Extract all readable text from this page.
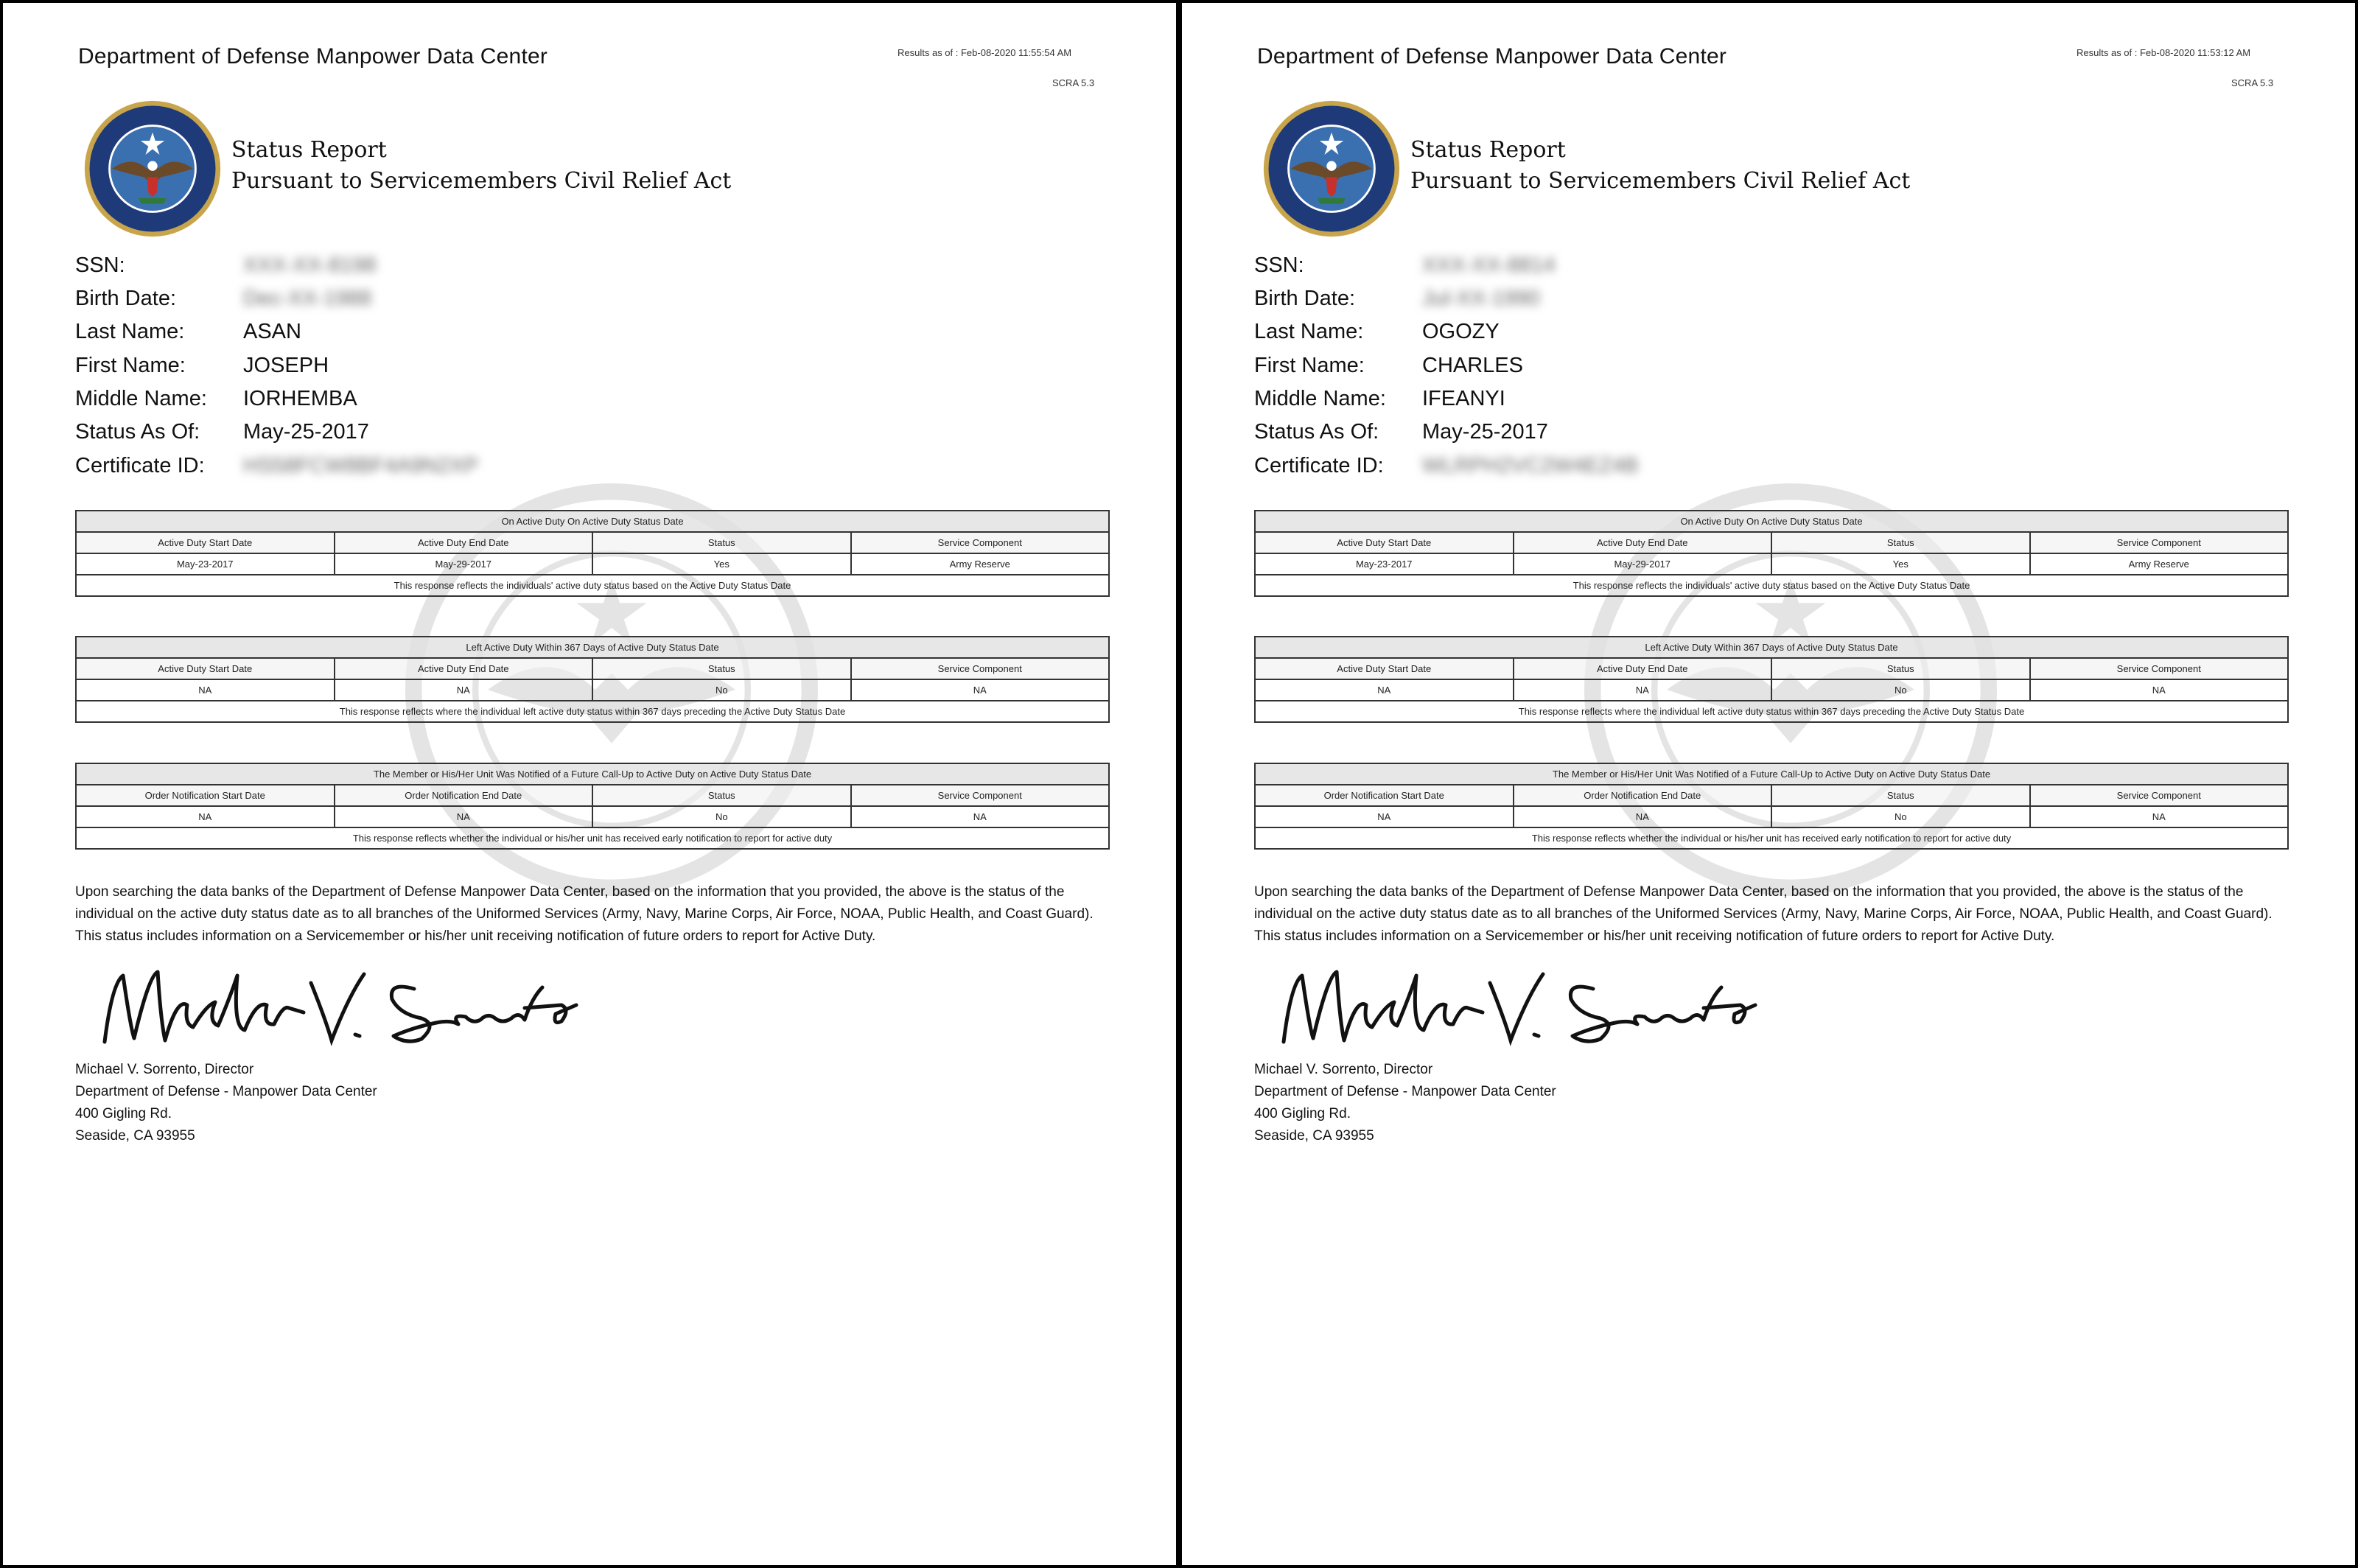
Department of Defense Manpower Data Center	Results as of : Feb-08-2020 11:55:54 AM
SCRA 5.3
Status Report
Pursuant to Servicemembers Civil Relief Act
SSN:	XXX-XX-8198
Birth Date:	Dec-XX-1988
Last Name:	ASAN
First Name:	JOSEPH
Middle Name: IORHEMBA
Status As Of: May-25-2017
Certificate ID: HS58FCW8BF4A9N2XP
On Active Duty On Active Duty Status Date			
Active Duty Start Date	Active Duty End Date	Status	Service Component
May-23-2017	May-29-2017	Yes	Army Reserve
This response reflects the individuals' active duty status based on the Active Duty Status Date			
Left Active Duty Within 367 Days of Active Duty Status Date			
Active Duty Start Date	Active Duty End Date	Status	Service Component
NA	NA	No	NA
This response reflects where the individual left active duty status within 367 days preceding the Active Duty Status Date			
The Member or His/Her Unit Was Notified of a Future Call-Up to Active Duty on Active Duty Status Date			
Order Notification Start Date	Order Notification End Date	Status	Service Component
NA	NA	No	NA
This response reflects whether the individual or his/her unit has received early notification to report for active duty			
Upon searching the data banks of the Department of Defense Manpower Data Center, based on the information that you provided, the above is the status of the individual on the active duty status date as to all branches of the Uniformed Services (Army, Navy, Marine Corps, Air Force, NOAA, Public Health, and Coast Guard). This status includes information on a Servicemember or his/her unit receiving notification of future orders to report for Active Duty.
Michael V. Sorrento, Director
Department of Defense - Manpower Data Center
400 Gigling Rd.
Seaside, CA 93955
Department of Defense Manpower Data Center	Results as of : Feb-08-2020 11:53:12 AM
SCRA 5.3
Status Report
Pursuant to Servicemembers Civil Relief Act
SSN:	XXX-XX-8814
Birth Date:	Jul-XX-1990
Last Name:	OGOZY
First Name:	CHARLES
Middle Name: IFEANYI
Status As Of: May-25-2017
Certificate ID: WLRPH2VC2W4EZ4B
On Active Duty On Active Duty Status Date			
Active Duty Start Date	Active Duty End Date	Status	Service Component
May-23-2017	May-29-2017	Yes	Army Reserve
This response reflects the individuals' active duty status based on the Active Duty Status Date			
Left Active Duty Within 367 Days of Active Duty Status Date			
Active Duty Start Date	Active Duty End Date	Status	Service Component
NA	NA	No	NA
This response reflects where the individual left active duty status within 367 days preceding the Active Duty Status Date			
The Member or His/Her Unit Was Notified of a Future Call-Up to Active Duty on Active Duty Status Date			
Order Notification Start Date	Order Notification End Date	Status	Service Component
NA	NA	No	NA
This response reflects whether the individual or his/her unit has received early notification to report for active duty			
Upon searching the data banks of the Department of Defense Manpower Data Center, based on the information that you provided, the above is the status of the individual on the active duty status date as to all branches of the Uniformed Services (Army, Navy, Marine Corps, Air Force, NOAA, Public Health, and Coast Guard). This status includes information on a Servicemember or his/her unit receiving notification of future orders to report for Active Duty.
Michael V. Sorrento, Director
Department of Defense - Manpower Data Center
400 Gigling Rd.
Seaside, CA 93955
